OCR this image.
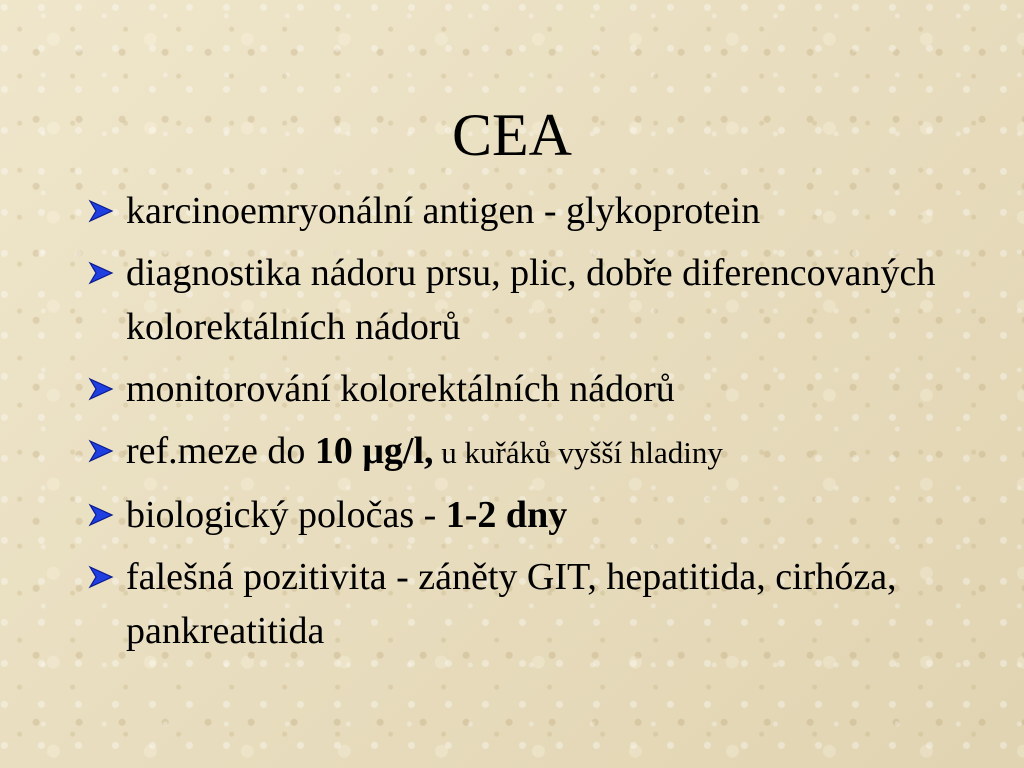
CEA
karcinoemryonální antigen - glykoprotein
diagnostika nádoru prsu, plic, dobře diferencovaných kolorektálních nádorů
monitorování kolorektálních nádorů
ref.meze do 10 μg/l, u kuřáků vyšší hladiny
biologický poločas - 1-2 dny
falešná pozitivita - záněty GIT, hepatitida, cirhóza, pankreatitida
